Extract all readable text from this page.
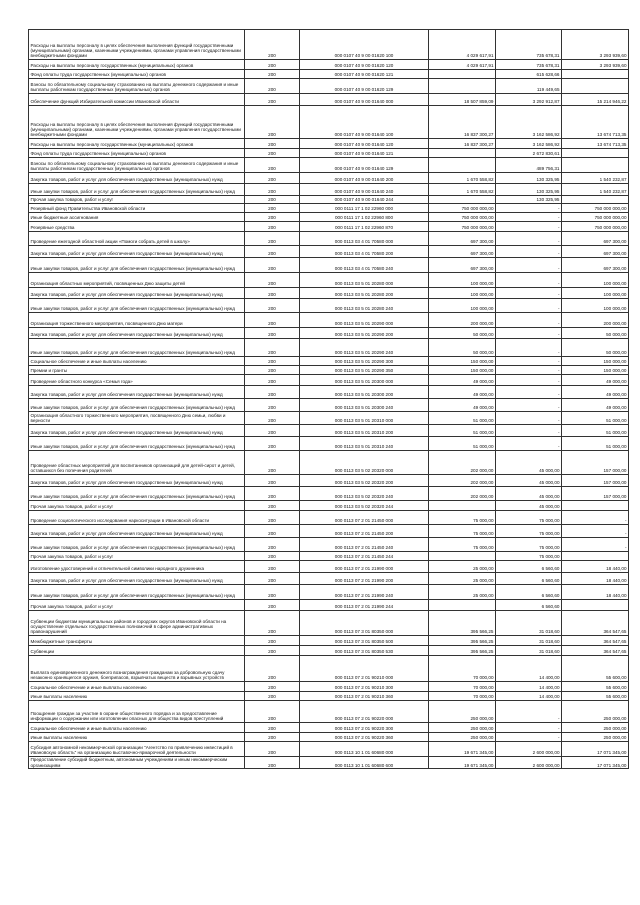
Расходы на выплаты персоналу в целях обеспечения выполнения функций государственными (муниципальными) органами, казенными учреждениями, органами управления государственными внебюджетными фондами	200	000 0107 40 9 00 01620 100	4 029 617,91	735 678,31	3 293 939,60
Расходы на выплаты персоналу государственных (муниципальных) органов	200	000 0107 40 9 00 01620 120	4 029 617,91	735 678,31	3 293 939,60
Фонд оплаты труда государственных (муниципальных) органов	200	000 0107 40 9 00 01620 121		615 628,66	
Взносы по обязательному социальному страхованию на выплаты денежного содержания и иные выплаты работникам государственных (муниципальных) органов	200	000 0107 40 9 00 01620 129		119 449,65	
Обеспечение функций Избирательной комиссии Ивановской области	200	000 0107 40 9 00 01640 000	18 507 859,09	3 292 912,87	15 214 946,22
Расходы на выплаты персоналу в целях обеспечения выполнения функций государственными (муниципальными) органами, казенными учреждениями, органами управления государственными внебюджетными фондами	200	000 0107 40 9 00 01640 100	16 837 300,27	3 162 586,92	13 674 713,35
Расходы на выплаты персоналу государственных (муниципальных) органов	200	000 0107 40 9 00 01640 120	16 837 300,27	3 162 586,92	13 674 713,35
Фонд оплаты труда государственных (муниципальных) органов	200	000 0107 40 9 00 01640 121		2 672 830,61	
Взносы по обязательному социальному страхованию на выплаты денежного содержания и иные выплаты работникам государственных (муниципальных) органов	200	000 0107 40 9 00 01640 129		489 756,31	
Закупка товаров, работ и услуг для обеспечения государственных (муниципальных) нужд	200	000 0107 40 9 00 01640 200	1 670 558,82	130 325,95	1 540 232,87
Иные закупки товаров, работ и услуг для обеспечения государственных (муниципальных) нужд	200	000 0107 40 9 00 01640 240	1 670 558,82	130 325,95	1 540 232,87
Прочая закупка товаров, работ и услуг	200	000 0107 40 9 00 01640 244		130 325,95	
Резервный фонд Правительства Ивановской области	200	000 0111 17 1 02 22960 000	750 000 000,00	-	750 000 000,00
Иные бюджетные ассигнования	200	000 0111 17 1 02 22960 800	750 000 000,00	-	750 000 000,00
Резервные средства	200	000 0111 17 1 02 22960 870	750 000 000,00	-	750 000 000,00
Проведение ежегодной областной акции «Помоги собрать детей в школу»	200	000 0113 03 4 01 70580 000	697 300,00	-	697 300,00
Закупка товаров, работ и услуг для обеспечения государственных (муниципальных) нужд	200	000 0113 03 4 01 70580 200	697 300,00	-	697 300,00
Иные закупки товаров, работ и услуг для обеспечения государственных (муниципальных) нужд	200	000 0113 03 4 01 70580 240	697 300,00	-	697 300,00
Организация областных мероприятий, посвященных Дню защиты детей	200	000 0113 03 5 01 20280 000	100 000,00	-	100 000,00
Закупка товаров, работ и услуг для обеспечения государственных (муниципальных) нужд	200	000 0113 03 5 01 20280 200	100 000,00	-	100 000,00
Иные закупки товаров, работ и услуг для обеспечения государственных (муниципальных) нужд	200	000 0113 03 5 01 20280 240	100 000,00	-	100 000,00
Организация торжественного мероприятия, посвященного Дню матери	200	000 0113 03 5 01 20290 000	200 000,00	-	200 000,00
Закупка товаров, работ и услуг для обеспечения государственных (муниципальных) нужд	200	000 0113 03 5 01 20290 200	50 000,00	-	50 000,00
Иные закупки товаров, работ и услуг для обеспечения государственных (муниципальных) нужд	200	000 0113 03 5 01 20290 240	50 000,00	-	50 000,00
Социальное обеспечение и иные выплаты населению	200	000 0113 03 5 01 20290 300	150 000,00	-	150 000,00
Премии и гранты	200	000 0113 03 5 01 20290 350	150 000,00	-	150 000,00
Проведение областного конкурса «Семья года»	200	000 0113 03 5 01 20300 000	49 000,00	-	49 000,00
Закупка товаров, работ и услуг для обеспечения государственных (муниципальных) нужд	200	000 0113 03 5 01 20300 200	49 000,00	-	49 000,00
Иные закупки товаров, работ и услуг для обеспечения государственных (муниципальных) нужд	200	000 0113 03 5 01 20300 240	49 000,00	-	49 000,00
Организация областного торжественного мероприятия, посвященного Дню семьи, любви и верности	200	000 0113 03 5 01 20310 000	51 000,00	-	51 000,00
Закупка товаров, работ и услуг для обеспечения государственных (муниципальных) нужд	200	000 0113 03 5 01 20310 200	51 000,00	-	51 000,00
Иные закупки товаров, работ и услуг для обеспечения государственных (муниципальных) нужд	200	000 0113 03 5 01 20310 240	51 000,00	-	51 000,00
Проведение областных мероприятий для воспитанников организаций для детей-сирот и детей, оставшихся без попечения родителей	200	000 0113 03 5 02 20320 000	202 000,00	45 000,00	157 000,00
Закупка товаров, работ и услуг для обеспечения государственных (муниципальных) нужд	200	000 0113 03 5 02 20320 200	202 000,00	45 000,00	157 000,00
Иные закупки товаров, работ и услуг для обеспечения государственных (муниципальных) нужд	200	000 0113 03 5 02 20320 240	202 000,00	45 000,00	157 000,00
Прочая закупка товаров, работ и услуг	200	000 0113 03 5 02 20320 244		45 000,00	
Проведение социологического исследования наркоситуации в Ивановской области	200	000 0113 07 2 01 21450 000	75 000,00	75 000,00	-
Закупка товаров, работ и услуг для обеспечения государственных (муниципальных) нужд	200	000 0113 07 2 01 21450 200	75 000,00	75 000,00	-
Иные закупки товаров, работ и услуг для обеспечения государственных (муниципальных) нужд	200	000 0113 07 2 01 21450 240	75 000,00	75 000,00	-
Прочая закупка товаров, работ и услуг	200	000 0113 07 2 01 21450 244		75 000,00	
Изготовление удостоверений и отличительной символики народного дружинника	200	000 0113 07 2 01 21990 000	25 000,00	6 560,60	18 440,00
Закупка товаров, работ и услуг для обеспечения государственных (муниципальных) нужд	200	000 0113 07 2 01 21990 200	25 000,00	6 560,60	18 440,00
Иные закупки товаров, работ и услуг для обеспечения государственных (муниципальных) нужд	200	000 0113 07 2 01 21990 240	25 000,00	6 560,60	18 440,00
Прочая закупка товаров, работ и услуг	200	000 0113 07 2 01 21990 244		6 560,60	
Субвенции бюджетам муниципальных районов и городских округов Ивановской области на осуществление отдельных государственных полномочий в сфере административных правонарушений	200	000 0113 07 3 01 80350 000	395 566,25	31 018,60	364 547,65
Межбюджетные трансферты	200	000 0113 07 3 01 80350 500	395 566,25	31 018,60	364 547,65
Субвенции	200	000 0113 07 3 01 80350 530	395 566,25	31 018,60	364 547,65
Выплата единовременного денежного вознаграждения гражданам за добровольную сдачу незаконно хранящегося оружия, боеприпасов, взрывчатых веществ и взрывных устройств	200	000 0113 07 2 01 90210 000	70 000,00	14 400,00	55 600,00
Социальное обеспечение и иные выплаты населению	200	000 0113 07 2 01 90210 300	70 000,00	14 400,00	55 600,00
Иные выплаты населению	200	000 0113 07 2 01 90210 360	70 000,00	14 400,00	55 600,00
Поощрение граждан за участие в охране общественного порядка и за предоставление информации о содержании или изготовлении опасных для общества видов преступлений	200	000 0113 07 2 01 90220 000	250 000,00	-	250 000,00
Социальное обеспечение и иные выплаты населению	200	000 0113 07 2 01 90220 300	250 000,00	-	250 000,00
Иные выплаты населению	200	000 0113 07 2 01 90220 360	250 000,00	-	250 000,00
Субсидия автономной некоммерческой организации "Агентство по привлечению инвестиций в Ивановскую область" на организацию выставочно-ярмарочной деятельности	200	000 0113 10 1 01 60680 000	19 671 345,00	2 600 000,00	17 071 345,00
Предоставление субсидий бюджетным, автономным учреждениям и иным некоммерческим организациям	200	000 0113 10 1 01 60680 600	19 671 345,00	2 600 000,00	17 071 345,00
